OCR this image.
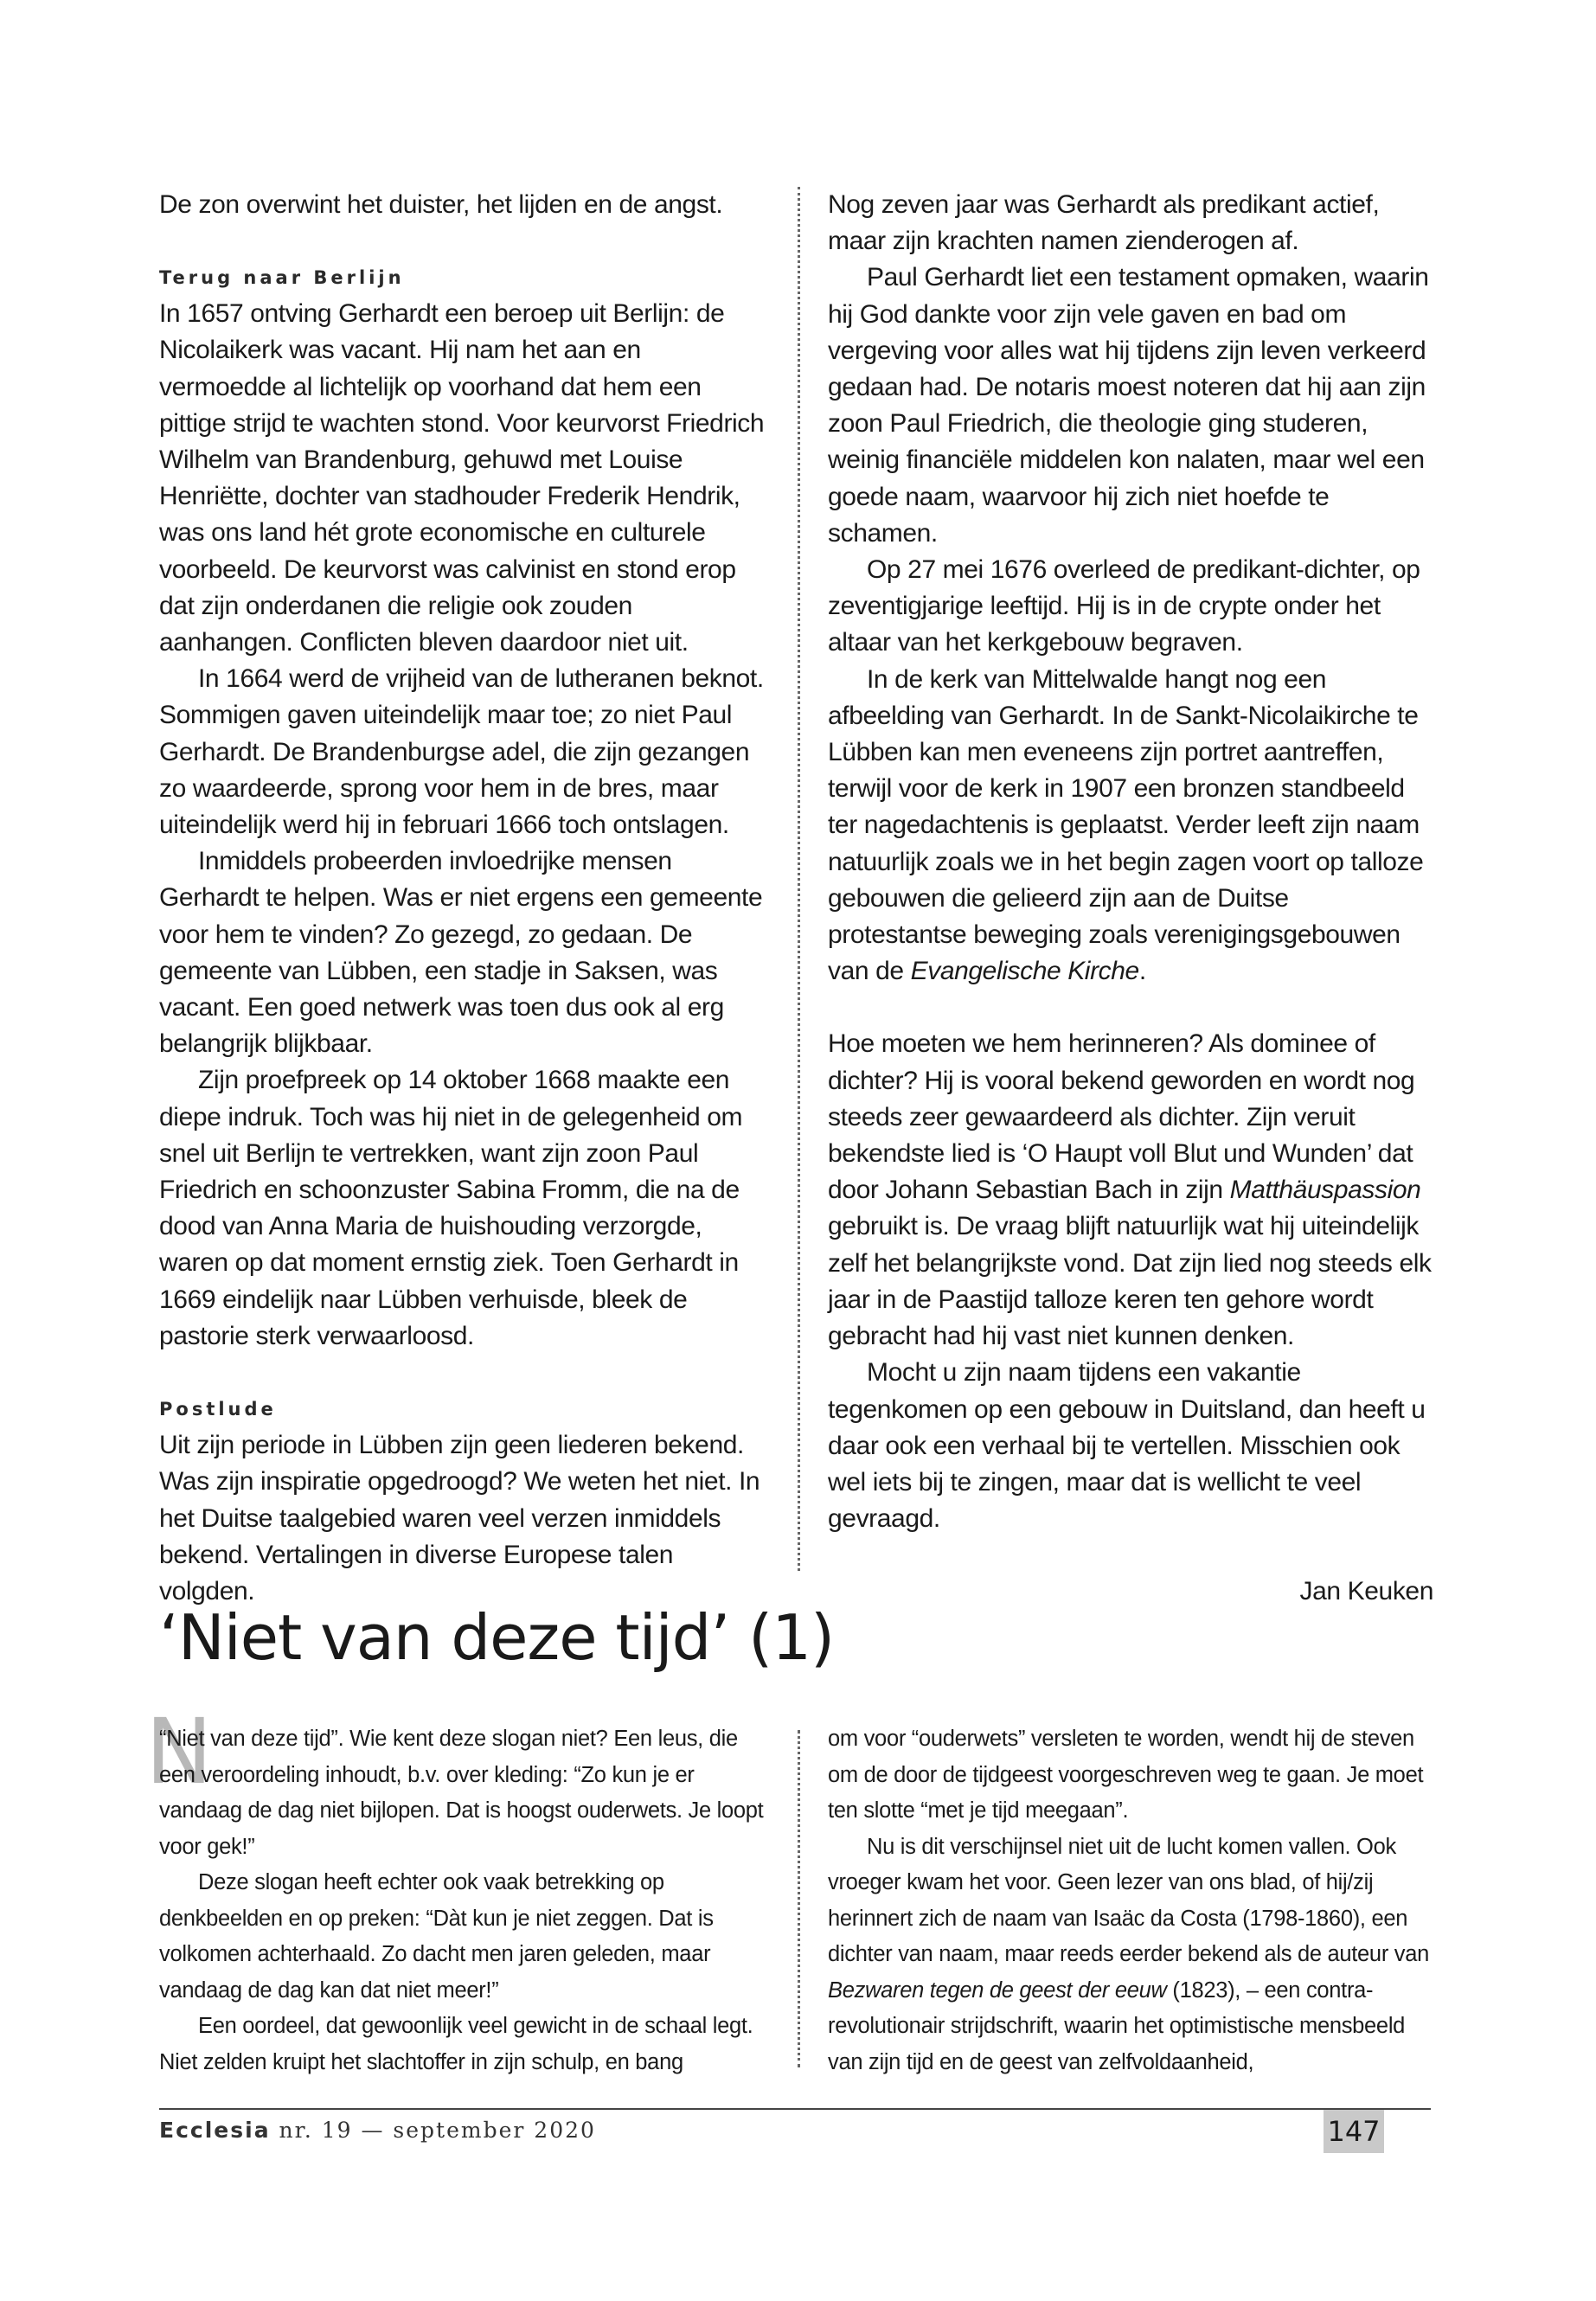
De zon overwint het duister, het lijden en de angst.

Terug naar Berlijn

In 1657 ontving Gerhardt een beroep uit Berlijn: de Nicolaikerk was vacant. Hij nam het aan en vermoedde al lichtelijk op voorhand dat hem een pittige strijd te wachten stond. Voor keurvorst Friedrich Wilhelm van Brandenburg, gehuwd met Louise Henriëtte, dochter van stadhouder Frederik Hendrik, was ons land hét grote economische en culturele voorbeeld. De keurvorst was calvinist en stond erop dat zijn onderdanen die religie ook zouden aanhangen. Conflicten bleven daardoor niet uit.

In 1664 werd de vrijheid van de lutheranen beknot. Sommigen gaven uiteindelijk maar toe; zo niet Paul Gerhardt. De Brandenburgse adel, die zijn gezangen zo waardeerde, sprong voor hem in de bres, maar uiteindelijk werd hij in februari 1666 toch ontslagen.

Inmiddels probeerden invloedrijke mensen Gerhardt te helpen. Was er niet ergens een gemeente voor hem te vinden? Zo gezegd, zo gedaan. De gemeente van Lübben, een stadje in Saksen, was vacant. Een goed netwerk was toen dus ook al erg belangrijk blijkbaar.

Zijn proefpreek op 14 oktober 1668 maakte een diepe indruk. Toch was hij niet in de gelegenheid om snel uit Berlijn te vertrekken, want zijn zoon Paul Friedrich en schoonzuster Sabina Fromm, die na de dood van Anna Maria de huishouding verzorgde, waren op dat moment ernstig ziek. Toen Gerhardt in 1669 eindelijk naar Lübben verhuisde, bleek de pastorie sterk verwaarloosd.

Postlude

Uit zijn periode in Lübben zijn geen liederen bekend. Was zijn inspiratie opgedroogd? We weten het niet. In het Duitse taalgebied waren veel verzen inmiddels bekend. Vertalingen in diverse Europese talen volgden.

Nog zeven jaar was Gerhardt als predikant actief, maar zijn krachten namen zienderogen af.

Paul Gerhardt liet een testament opmaken, waarin hij God dankte voor zijn vele gaven en bad om vergeving voor alles wat hij tijdens zijn leven verkeerd gedaan had. De notaris moest noteren dat hij aan zijn zoon Paul Friedrich, die theologie ging studeren, weinig financiële middelen kon nalaten, maar wel een goede naam, waarvoor hij zich niet hoefde te schamen.

Op 27 mei 1676 overleed de predikant-dichter, op zeventigjarige leeftijd. Hij is in de crypte onder het altaar van het kerkgebouw begraven.

In de kerk van Mittelwalde hangt nog een afbeelding van Gerhardt. In de Sankt-Nicolaikirche te Lübben kan men eveneens zijn portret aantreffen, terwijl voor de kerk in 1907 een bronzen standbeeld ter nagedachtenis is geplaatst. Verder leeft zijn naam natuurlijk zoals we in het begin zagen voort op talloze gebouwen die gelieerd zijn aan de Duitse protestantse beweging zoals verenigingsgebouwen van de Evangelische Kirche.

Hoe moeten we hem herinneren? Als dominee of dichter? Hij is vooral bekend geworden en wordt nog steeds zeer gewaardeerd als dichter. Zijn veruit bekendste lied is ‘O Haupt voll Blut und Wunden’ dat door Johann Sebastian Bach in zijn Matthäuspassion gebruikt is. De vraag blijft natuurlijk wat hij uiteindelijk zelf het belangrijkste vond. Dat zijn lied nog steeds elk jaar in de Paastijd talloze keren ten gehore wordt gebracht had hij vast niet kunnen denken.

Mocht u zijn naam tijdens een vakantie tegenkomen op een gebouw in Duitsland, dan heeft u daar ook een verhaal bij te vertellen. Misschien ook wel iets bij te zingen, maar dat is wellicht te veel gevraagd.

Jan Keuken

‘Niet van deze tijd’ (1)
N

“Niet van deze tijd”. Wie kent deze slogan niet? Een leus, die een veroordeling inhoudt, b.v. over kleding: “Zo kun je er vandaag de dag niet bijlopen. Dat is hoogst ouderwets. Je loopt voor gek!”

Deze slogan heeft echter ook vaak betrekking op denkbeelden en op preken: “Dàt kun je niet zeggen. Dat is volkomen achterhaald. Zo dacht men jaren geleden, maar vandaag de dag kan dat niet meer!”

Een oordeel, dat gewoonlijk veel gewicht in de schaal legt. Niet zelden kruipt het slachtoffer in zijn schulp, en bang

om voor “ouderwets” versleten te worden, wendt hij de steven om de door de tijdgeest voorgeschreven weg te gaan. Je moet ten slotte “met je tijd meegaan”.

Nu is dit verschijnsel niet uit de lucht komen vallen. Ook vroeger kwam het voor. Geen lezer van ons blad, of hij/zij herinnert zich de naam van Isaäc da Costa (1798-1860), een dichter van naam, maar reeds eerder bekend als de auteur van Bezwaren tegen de geest der eeuw (1823), – een contra-revolutionair strijdschrift, waarin het optimistische mensbeeld van zijn tijd en de geest van zelfvoldaanheid,

Ecclesia nr. 19 — september 2020	147
